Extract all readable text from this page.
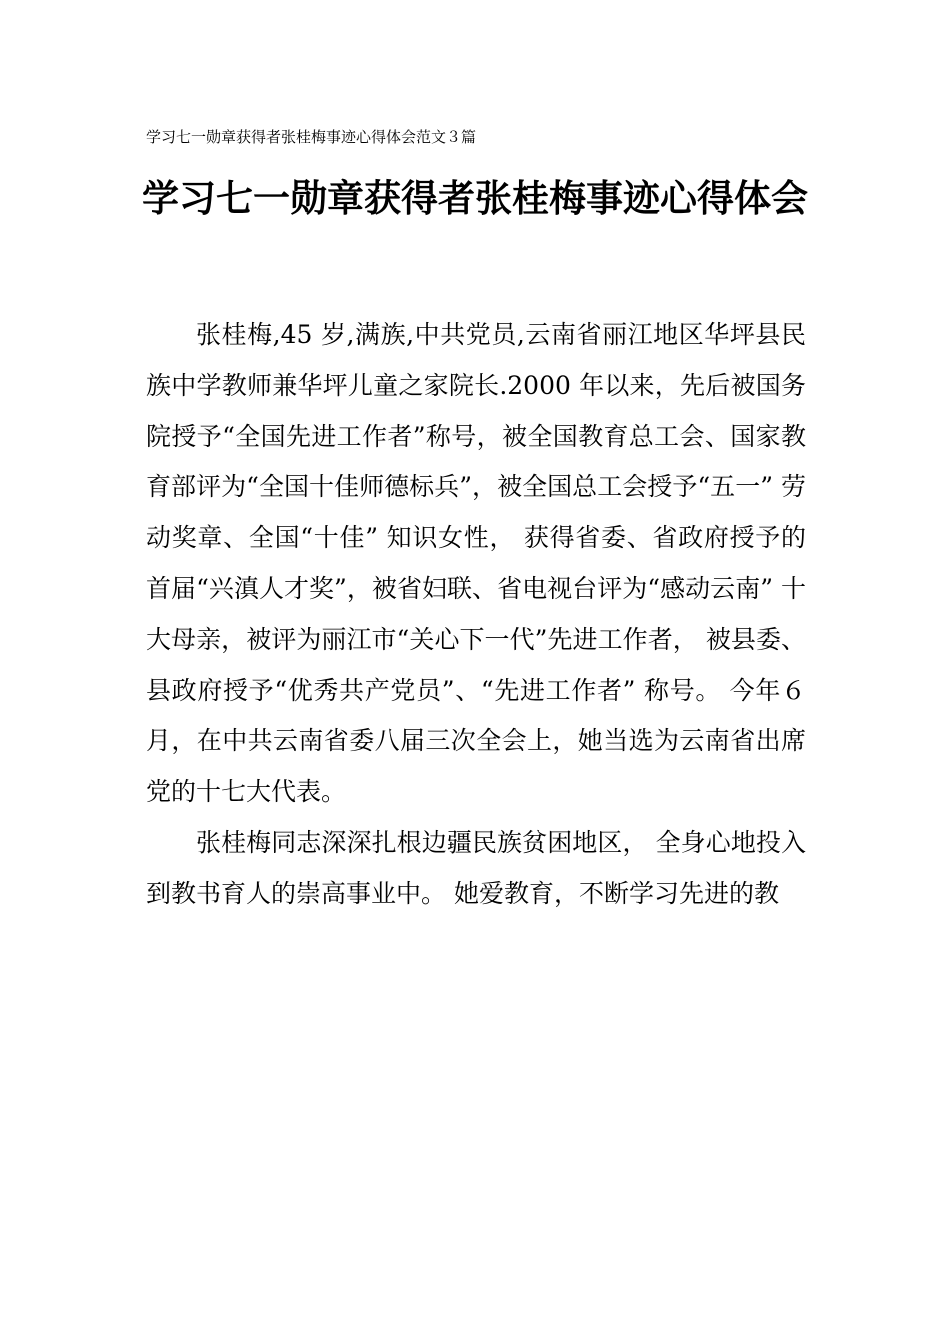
学习七一勋章获得者张桂梅事迹心得体会范文３篇
学习七一勋章获得者张桂梅事迹心得体会

张桂梅,45 岁,满族,中共党员,云南省丽江地区华坪县民族中学教师兼华坪儿童之家院长.2000 年以来，先后被国务院授予“全国先进工作者”称号，被全国教育总工会、国家教育部评为“全国十佳师德标兵”，被全国总工会授予“五一” 劳动奖章、全国“十佳” 知识女性， 获得省委、省政府授予的首届“兴滇人才奖”，被省妇联、省电视台评为“感动云南” 十大母亲，被评为丽江市“关心下一代”先进工作者， 被县委、县政府授予“优秀共产党员”、“先进工作者” 称号。 今年６月，在中共云南省委八届三次全会上，她当选为云南省出席党的十七大代表。

张桂梅同志深深扎根边疆民族贫困地区， 全身心地投入到教书育人的崇高事业中。 她爱教育，不断学习先进的教
